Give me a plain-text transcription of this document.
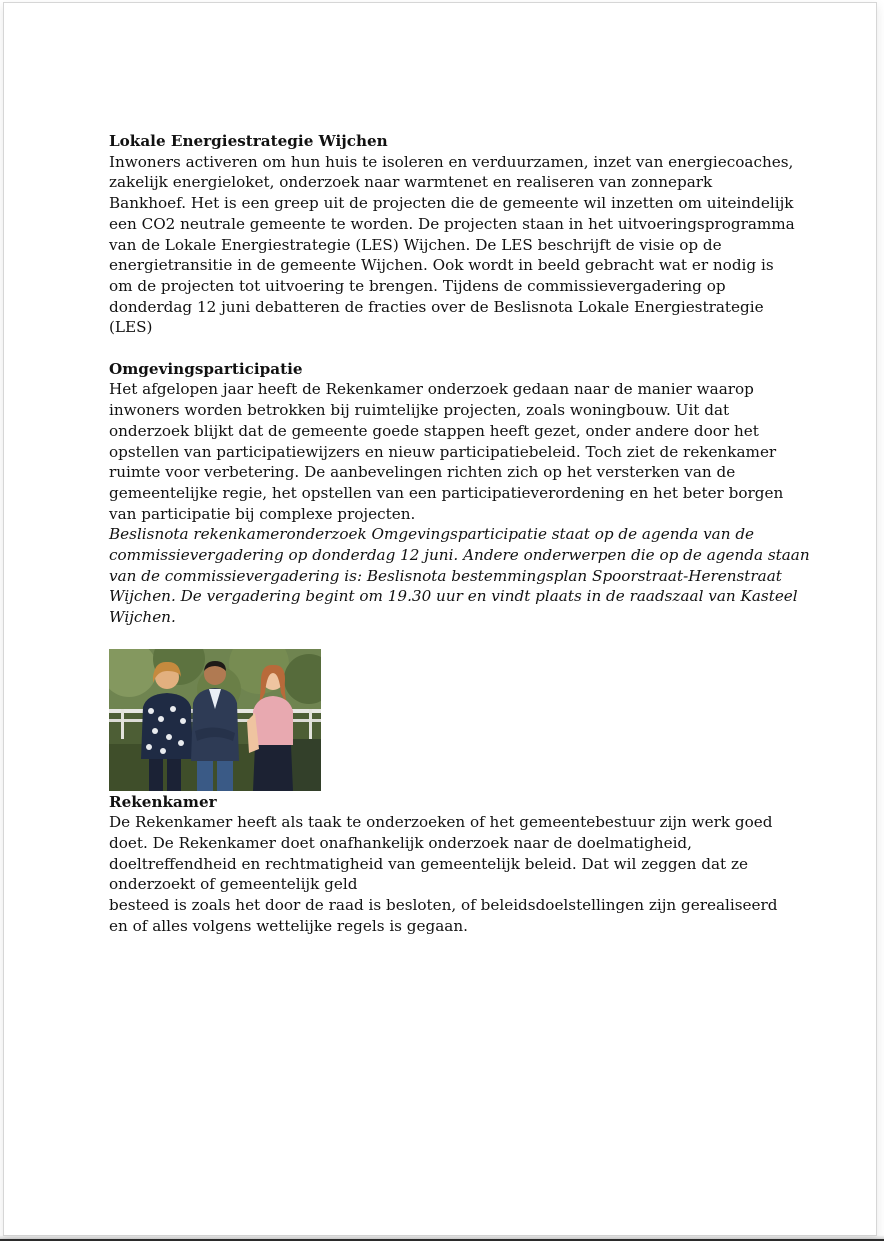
Lokale Energiestrategie Wijchen
Inwoners activeren om hun huis te isoleren en verduurzamen, inzet van energiecoaches,
zakelijk energieloket, onderzoek naar warmtenet en realiseren van zonnepark
Bankhoef. Het is een greep uit de projecten die de gemeente wil inzetten om uiteindelijk
een CO2 neutrale gemeente te worden. De projecten staan in het uitvoeringsprogramma
van de Lokale Energiestrategie (LES) Wijchen. De LES beschrijft de visie op de
energietransitie in de gemeente Wijchen. Ook wordt in beeld gebracht wat er nodig is
om de projecten tot uitvoering te brengen. Tijdens de commissievergadering op
donderdag 12 juni debatteren de fracties over de Beslisnota Lokale Energiestrategie
(LES)
Omgevingsparticipatie
Het afgelopen jaar heeft de Rekenkamer onderzoek gedaan naar de manier waarop
inwoners worden betrokken bij ruimtelijke projecten, zoals woningbouw. Uit dat
onderzoek blijkt dat de gemeente goede stappen heeft gezet, onder andere door het
opstellen van participatiewijzers en nieuw participatiebeleid. Toch ziet de rekenkamer
ruimte voor verbetering. De aanbevelingen richten zich op het versterken van de
gemeentelijke regie, het opstellen van een participatieverordening en het beter borgen
van participatie bij complexe projecten.
Beslisnota rekenkameronderzoek Omgevingsparticipatie staat op de agenda van de
commissievergadering op donderdag 12 juni. Andere onderwerpen die op de agenda staan
van de commissievergadering is: Beslisnota bestemmingsplan Spoorstraat-Herenstraat
Wijchen. De vergadering begint om 19.30 uur en vindt plaats in de raadszaal van Kasteel
Wijchen.
Rekenkamer
De Rekenkamer heeft als taak te onderzoeken of het gemeentebestuur zijn werk goed
doet. De Rekenkamer doet onafhankelijk onderzoek naar de doelmatigheid,
doeltreffendheid en rechtmatigheid van gemeentelijk beleid. Dat wil zeggen dat ze
onderzoekt of gemeentelijk geld
besteed is zoals het door de raad is besloten, of beleidsdoelstellingen zijn gerealiseerd
en of alles volgens wettelijke regels is gegaan.
